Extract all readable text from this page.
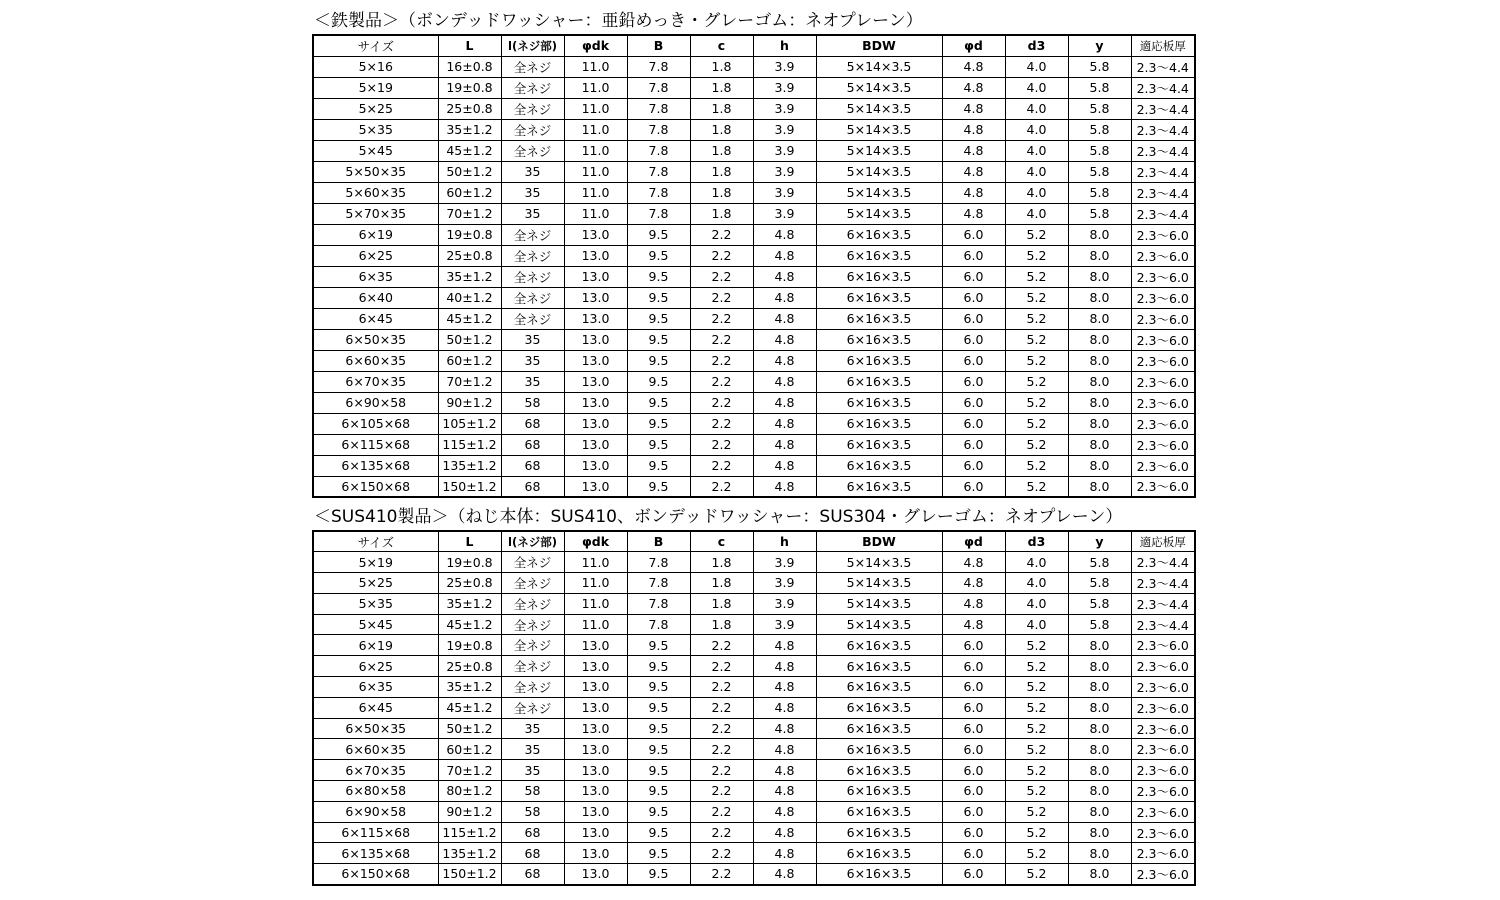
＜鉄製品＞（ボンデッドワッシャー：亜鉛めっき・グレーゴム：ネオプレーン）
サイズ	L	l(ネジ部)	φdk	B	c	h	BDW	φd	d3	y	適応板厚
5×16	16±0.8	全ネジ	11.0	7.8	1.8	3.9	5×14×3.5	4.8	4.0	5.8	2.3〜4.4
5×19	19±0.8	全ネジ	11.0	7.8	1.8	3.9	5×14×3.5	4.8	4.0	5.8	2.3〜4.4
5×25	25±0.8	全ネジ	11.0	7.8	1.8	3.9	5×14×3.5	4.8	4.0	5.8	2.3〜4.4
5×35	35±1.2	全ネジ	11.0	7.8	1.8	3.9	5×14×3.5	4.8	4.0	5.8	2.3〜4.4
5×45	45±1.2	全ネジ	11.0	7.8	1.8	3.9	5×14×3.5	4.8	4.0	5.8	2.3〜4.4
5×50×35	50±1.2	35	11.0	7.8	1.8	3.9	5×14×3.5	4.8	4.0	5.8	2.3〜4.4
5×60×35	60±1.2	35	11.0	7.8	1.8	3.9	5×14×3.5	4.8	4.0	5.8	2.3〜4.4
5×70×35	70±1.2	35	11.0	7.8	1.8	3.9	5×14×3.5	4.8	4.0	5.8	2.3〜4.4
6×19	19±0.8	全ネジ	13.0	9.5	2.2	4.8	6×16×3.5	6.0	5.2	8.0	2.3〜6.0
6×25	25±0.8	全ネジ	13.0	9.5	2.2	4.8	6×16×3.5	6.0	5.2	8.0	2.3〜6.0
6×35	35±1.2	全ネジ	13.0	9.5	2.2	4.8	6×16×3.5	6.0	5.2	8.0	2.3〜6.0
6×40	40±1.2	全ネジ	13.0	9.5	2.2	4.8	6×16×3.5	6.0	5.2	8.0	2.3〜6.0
6×45	45±1.2	全ネジ	13.0	9.5	2.2	4.8	6×16×3.5	6.0	5.2	8.0	2.3〜6.0
6×50×35	50±1.2	35	13.0	9.5	2.2	4.8	6×16×3.5	6.0	5.2	8.0	2.3〜6.0
6×60×35	60±1.2	35	13.0	9.5	2.2	4.8	6×16×3.5	6.0	5.2	8.0	2.3〜6.0
6×70×35	70±1.2	35	13.0	9.5	2.2	4.8	6×16×3.5	6.0	5.2	8.0	2.3〜6.0
6×90×58	90±1.2	58	13.0	9.5	2.2	4.8	6×16×3.5	6.0	5.2	8.0	2.3〜6.0
6×105×68	105±1.2	68	13.0	9.5	2.2	4.8	6×16×3.5	6.0	5.2	8.0	2.3〜6.0
6×115×68	115±1.2	68	13.0	9.5	2.2	4.8	6×16×3.5	6.0	5.2	8.0	2.3〜6.0
6×135×68	135±1.2	68	13.0	9.5	2.2	4.8	6×16×3.5	6.0	5.2	8.0	2.3〜6.0
6×150×68	150±1.2	68	13.0	9.5	2.2	4.8	6×16×3.5	6.0	5.2	8.0	2.3〜6.0
＜SUS410製品＞（ねじ本体：SUS410、ボンデッドワッシャー：SUS304・グレーゴム：ネオプレーン）
サイズ	L	l(ネジ部)	φdk	B	c	h	BDW	φd	d3	y	適応板厚
5×19	19±0.8	全ネジ	11.0	7.8	1.8	3.9	5×14×3.5	4.8	4.0	5.8	2.3〜4.4
5×25	25±0.8	全ネジ	11.0	7.8	1.8	3.9	5×14×3.5	4.8	4.0	5.8	2.3〜4.4
5×35	35±1.2	全ネジ	11.0	7.8	1.8	3.9	5×14×3.5	4.8	4.0	5.8	2.3〜4.4
5×45	45±1.2	全ネジ	11.0	7.8	1.8	3.9	5×14×3.5	4.8	4.0	5.8	2.3〜4.4
6×19	19±0.8	全ネジ	13.0	9.5	2.2	4.8	6×16×3.5	6.0	5.2	8.0	2.3〜6.0
6×25	25±0.8	全ネジ	13.0	9.5	2.2	4.8	6×16×3.5	6.0	5.2	8.0	2.3〜6.0
6×35	35±1.2	全ネジ	13.0	9.5	2.2	4.8	6×16×3.5	6.0	5.2	8.0	2.3〜6.0
6×45	45±1.2	全ネジ	13.0	9.5	2.2	4.8	6×16×3.5	6.0	5.2	8.0	2.3〜6.0
6×50×35	50±1.2	35	13.0	9.5	2.2	4.8	6×16×3.5	6.0	5.2	8.0	2.3〜6.0
6×60×35	60±1.2	35	13.0	9.5	2.2	4.8	6×16×3.5	6.0	5.2	8.0	2.3〜6.0
6×70×35	70±1.2	35	13.0	9.5	2.2	4.8	6×16×3.5	6.0	5.2	8.0	2.3〜6.0
6×80×58	80±1.2	58	13.0	9.5	2.2	4.8	6×16×3.5	6.0	5.2	8.0	2.3〜6.0
6×90×58	90±1.2	58	13.0	9.5	2.2	4.8	6×16×3.5	6.0	5.2	8.0	2.3〜6.0
6×115×68	115±1.2	68	13.0	9.5	2.2	4.8	6×16×3.5	6.0	5.2	8.0	2.3〜6.0
6×135×68	135±1.2	68	13.0	9.5	2.2	4.8	6×16×3.5	6.0	5.2	8.0	2.3〜6.0
6×150×68	150±1.2	68	13.0	9.5	2.2	4.8	6×16×3.5	6.0	5.2	8.0	2.3〜6.0
